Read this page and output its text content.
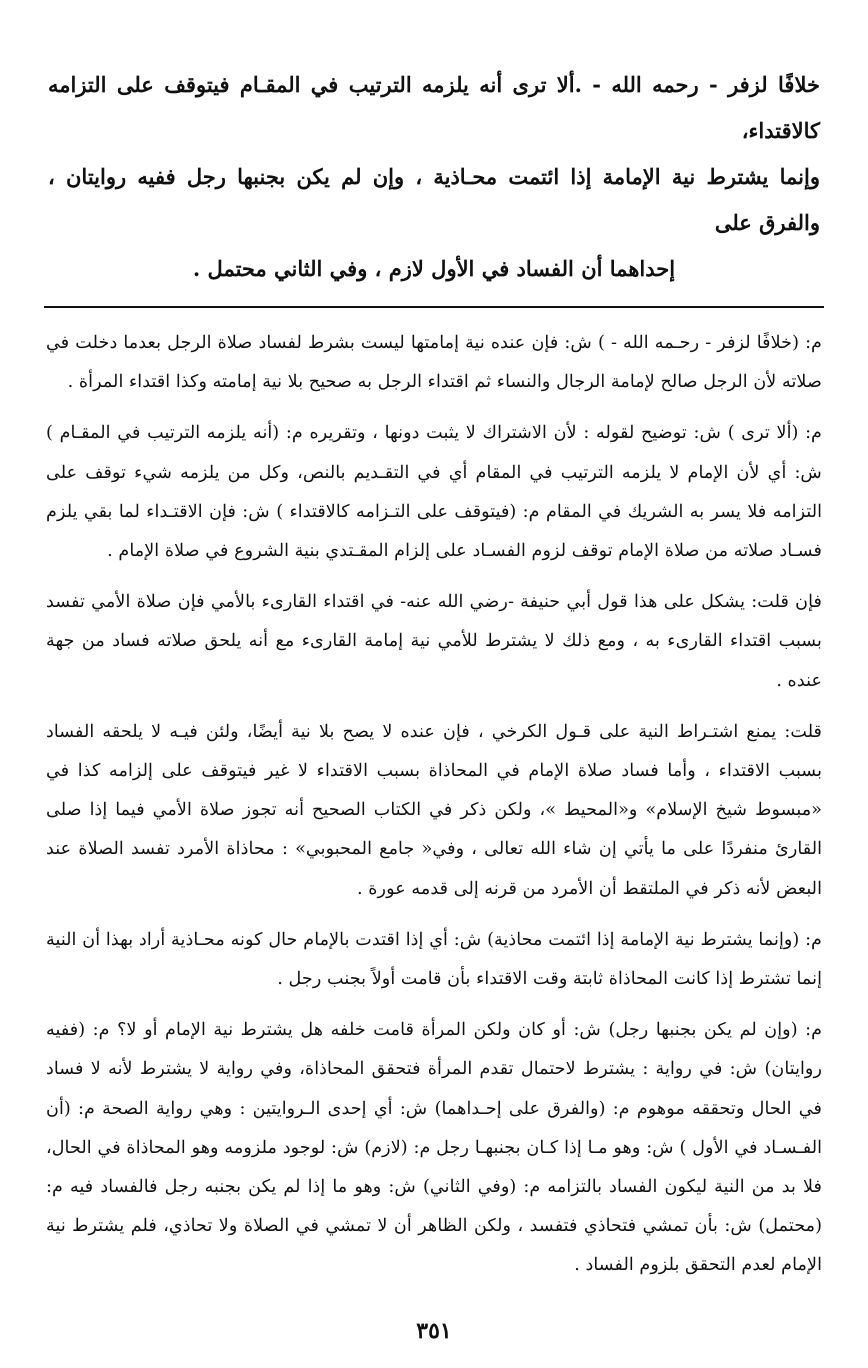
خلافًا لزفر - رحمه الله - .ألا ترى أنه يلزمه الترتيب في المقـام فيتوقف على التزامه كالاقتداء،
وإنما يشترط نية الإمامة إذا ائتمت محـاذية ، وإن لم يكن بجنبها رجل ففيه روايتان ، والفرق على

إحداهما أن الفساد في الأول لازم ، وفي الثاني محتمل .

م: (خلافًا لزفر - رحـمه الله - ) ش: فإن عنده نية إمامتها ليست بشرط لفساد صلاة الرجل بعدما دخلت في صلاته لأن الرجل صالح لإمامة الرجال والنساء ثم اقتداء الرجل به صحيح بلا نية إمامته وكذا اقتداء المرأة .

م: (ألا ترى ) ش: توضيح لقوله : لأن الاشتراك لا يثبت دونها ، وتقريره م: (أنه يلزمه الترتيب في المقـام ) ش: أي لأن الإمام لا يلزمه الترتيب في المقام أي في التقـديم بالنص، وكل من يلزمه شيء توقف على التزامه فلا يسر به الشريك في المقام م: (فيتوقف على التـزامه كالاقتداء ) ش: فإن الاقتـداء لما بقي يلزم فسـاد صلاته من صلاة الإمام توقف لزوم الفسـاد على إلزام المقـتدي بنية الشروع في صلاة الإمام .

فإن قلت: يشكل على هذا قول أبي حنيفة -رضي الله عنه- في اقتداء القارىء بالأمي فإن صلاة الأمي تفسد بسبب اقتداء القارىء به ، ومع ذلك لا يشترط للأمي نية إمامة القارىء مع أنه يلحق صلاته فساد من جهة عنده .

قلت: يمنع اشتـراط النية على قـول الكرخي ، فإن عنده لا يصح بلا نية أيضًا، ولئن فيـه لا يلحقه الفساد بسبب الاقتداء ، وأما فساد صلاة الإمام في المحاذاة بسبب الاقتداء لا غير فيتوقف على إلزامه كذا في «مبسوط شيخ الإسلام» و«المحيط »، ولكن ذكر في الكتاب الصحيح أنه تجوز صلاة الأمي فيما إذا صلى القارئ منفردًا على ما يأتي إن شاء الله تعالى ، وفي« جامع المحبوبي» : محاذاة الأمرد تفسد الصلاة عند البعض لأنه ذكر في الملتقط أن الأمرد من قرنه إلى قدمه عورة .

م: (وإنما يشترط نية الإمامة إذا ائتمت محاذية) ش: أي إذا اقتدت بالإمام حال كونه محـاذية أراد بهذا أن النية إنما تشترط إذا كانت المحاذاة ثابتة وقت الاقتداء بأن قامت أولاً بجنب رجل .

م: (وإن لم يكن بجنبها رجل) ش: أو كان ولكن المرأة قامت خلفه هل يشترط نية الإمام أو لا؟ م: (ففيه روايتان) ش: في رواية : يشترط لاحتمال تقدم المرأة فتحقق المحاذاة، وفي رواية لا يشترط لأنه لا فساد في الحال وتحققه موهوم م: (والفرق على إحـداهما) ش: أي إحدى الـروايتين : وهي رواية الصحة م: (أن الفـسـاد في الأول ) ش: وهو مـا إذا كـان بجنبهـا رجل م: (لازم) ش: لوجود ملزومه وهو المحاذاة في الحال، فلا بد من النية ليكون الفساد بالتزامه م: (وفي الثاني) ش: وهو ما إذا لم يكن بجنبه رجل فالفساد فيه م: (محتمل) ش: بأن تمشي فتحاذي فتفسد ، ولكن الظاهر أن لا تمشي في الصلاة ولا تحاذي، فلم يشترط نية الإمام لعدم التحقق بلزوم الفساد .

٣٥١
